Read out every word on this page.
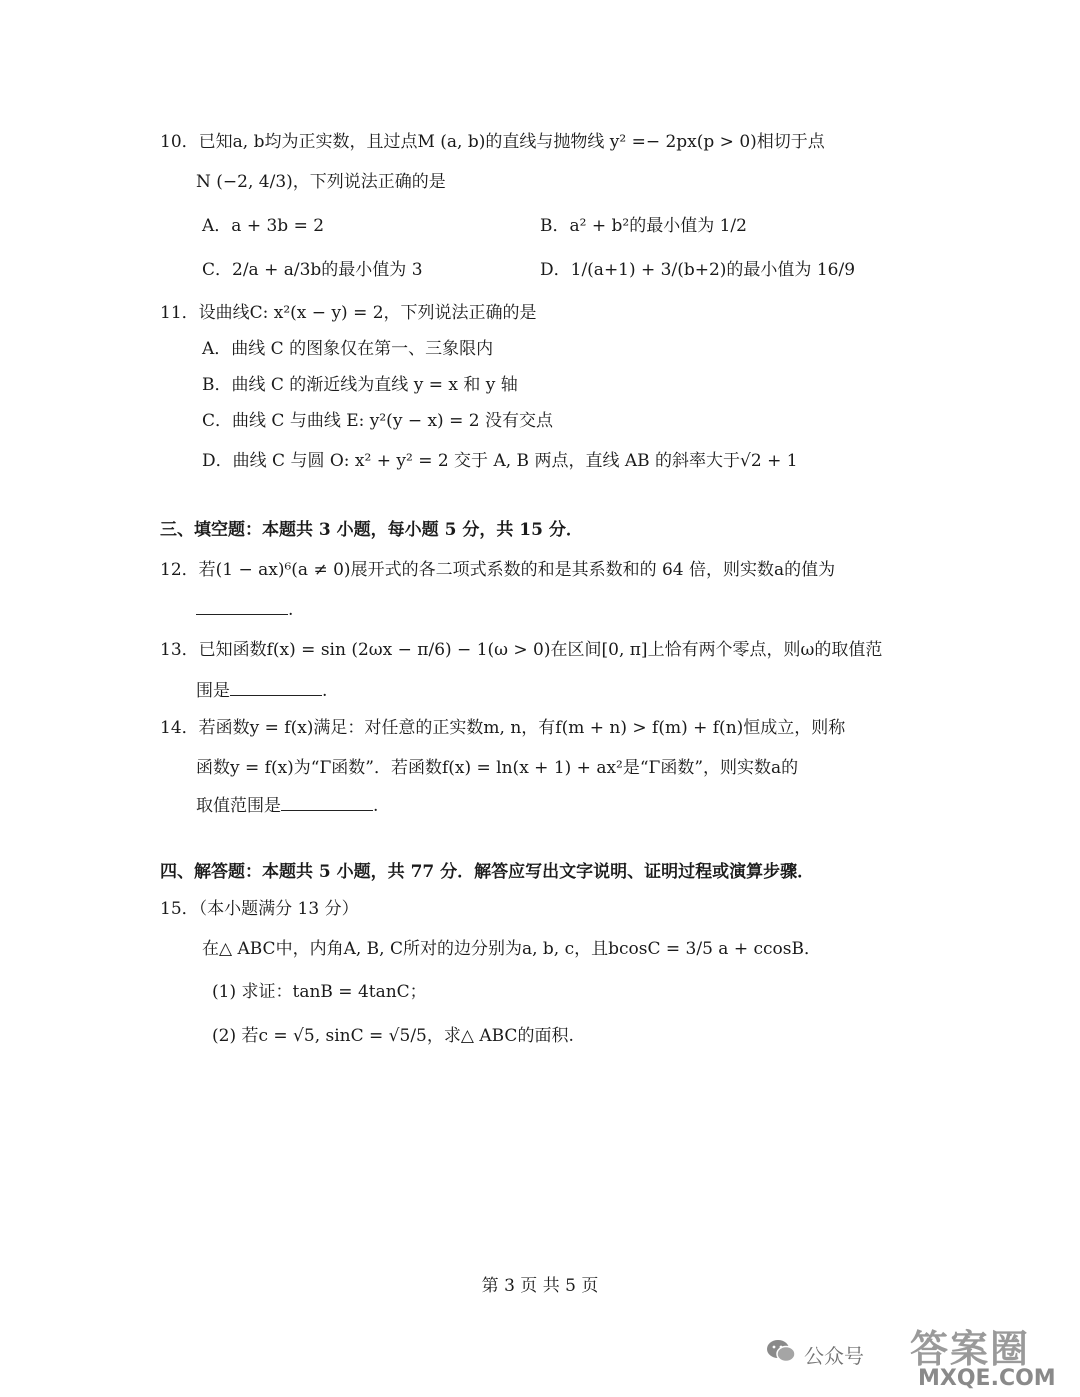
10．已知a, b均为正实数，且过点M (a, b)的直线与抛物线 y² =− 2px(p > 0)相切于点
N (−2, 4/3)，下列说法正确的是
A．a + 3b = 2	B．a² + b²的最小值为 1/2
C．2/a + a/3b的最小值为 3	D．1/(a+1) + 3/(b+2)的最小值为 16/9
11．设曲线C: x²(x − y) = 2，下列说法正确的是
A．曲线 C 的图象仅在第一、三象限内
B．曲线 C 的渐近线为直线 y = x 和 y 轴
C．曲线 C 与曲线 E: y²(y − x) = 2 没有交点
D．曲线 C 与圆 O: x² + y² = 2 交于 A, B 两点，直线 AB 的斜率大于√2 + 1
三、填空题：本题共 3 小题，每小题 5 分，共 15 分．
12．若(1 − ax)⁶(a ≠ 0)展开式的各二项式系数的和是其系数和的 64 倍，则实数a的值为
.
13．已知函数f(x) = sin (2ωx − π/6) − 1(ω > 0)在区间[0, π]上恰有两个零点，则ω的取值范
围是	.
14．若函数y = f(x)满足：对任意的正实数m, n，有f(m + n) > f(m) + f(n)恒成立，则称
函数y = f(x)为“Γ函数”．若函数f(x) = ln(x + 1) + ax²是“Γ函数”，则实数a的
取值范围是	.
四、解答题：本题共 5 小题，共 77 分．解答应写出文字说明、证明过程或演算步骤．
15．（本小题满分 13 分）
在△ ABC中，内角A, B, C所对的边分别为a, b, c，且bcosC = 3/5 a + ccosB．
(1) 求证：tanB = 4tanC；
(2) 若c = √5, sinC = √5/5，求△ ABC的面积.
第 3 页 共 5 页
公众号 答案圈
MXQE.COM
